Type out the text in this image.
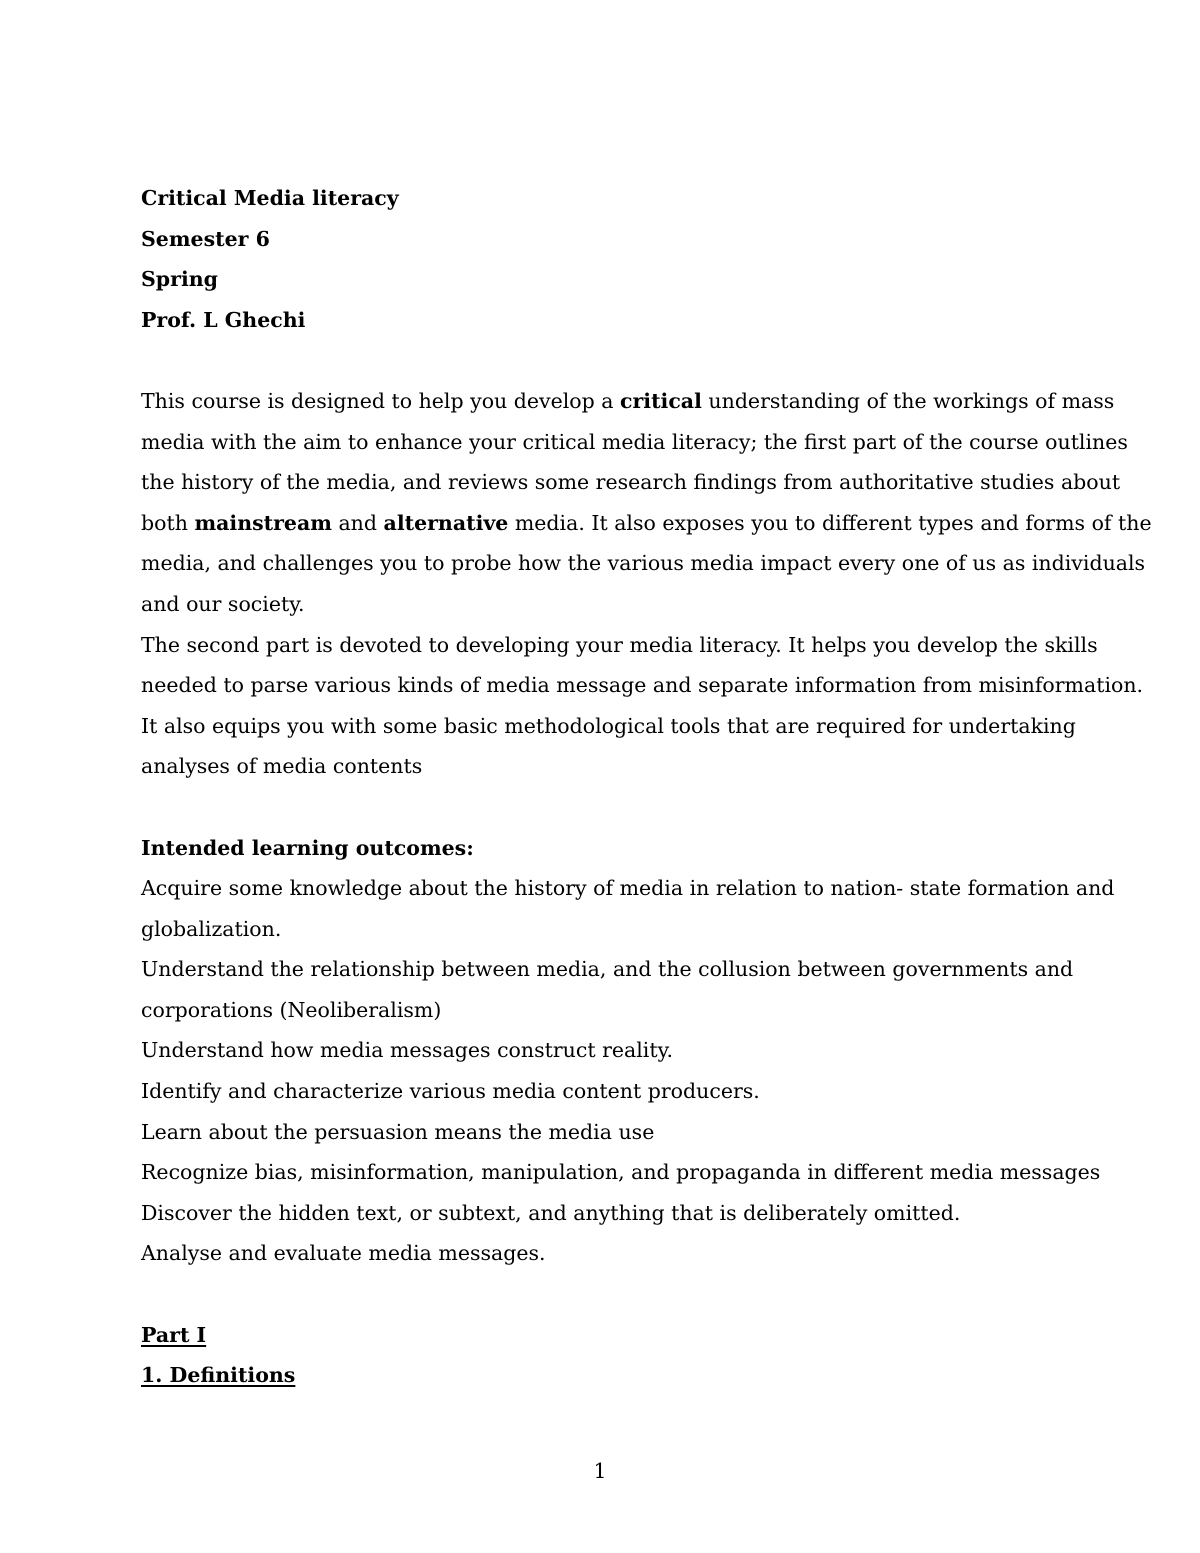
Critical Media literacy
Semester 6
Spring
Prof. L Ghechi
This course is designed to help you develop a critical understanding of the workings of mass
media with the aim to enhance your critical media literacy; the first part of the course outlines
the history of the media, and reviews some research findings from authoritative studies about
both mainstream and alternative media. It also exposes you to different types and forms of the
media, and challenges you to probe how the various media impact every one of us as individuals
and our society.
The second part is devoted to developing your media literacy. It helps you develop the skills
needed to parse various kinds of media message and separate information from misinformation.
It also equips you with some basic methodological tools that are required for undertaking
analyses of media contents
Intended learning outcomes:
Acquire some knowledge about the history of media in relation to nation- state formation and
globalization.
Understand the relationship between media, and the collusion between governments and
corporations (Neoliberalism)
Understand how media messages construct reality.
Identify and characterize various media content producers.
Learn about the persuasion means the media use
Recognize bias, misinformation, manipulation, and propaganda in different media messages
Discover the hidden text, or subtext, and anything that is deliberately omitted.
Analyse and evaluate media messages.
Part I
1. Definitions
1
